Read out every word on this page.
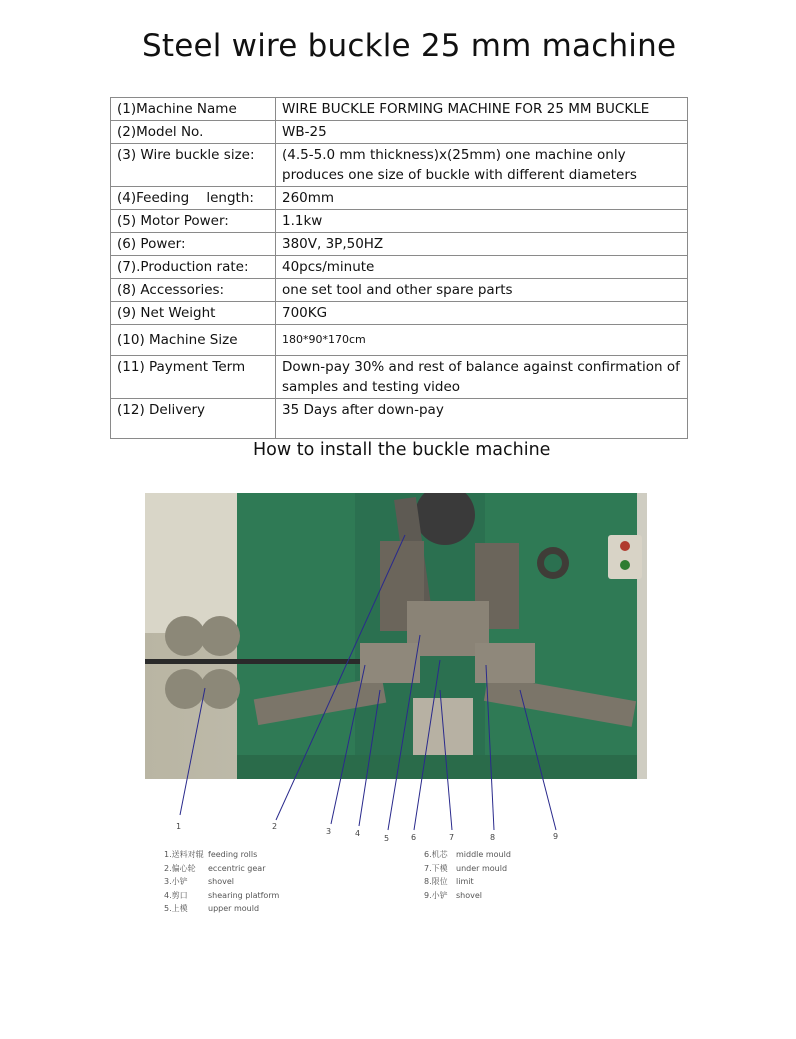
Steel wire buckle 25 mm machine
(1)Machine Name	WIRE BUCKLE FORMING MACHINE FOR 25 MM BUCKLE
(2)Model No.	WB-25
(3) Wire buckle size:	(4.5-5.0 mm thickness)x(25mm) one machine only produces one size of buckle with different diameters
(4)Feeding    length:	260mm
(5) Motor Power:	1.1kw
(6) Power:	380V, 3P,50HZ
(7).Production rate:	40pcs/minute
(8) Accessories:	one set tool and other spare parts
(9) Net Weight	700KG
(10) Machine Size	180*90*170cm
(11) Payment Term	Down-pay 30% and rest of balance against confirmation of samples and testing video
(12) Delivery	35 Days after down-pay
How to install the buckle machine
1	2
3	4
5	6	7	8	9
1.送料对辊 feeding rolls
2.偏心轮 eccentric gear
3.小铲	shovel
4.剪口	shearing platform
5.上模	upper mould
6.机芯 middle mould
7.下模 under mould
8.限位 limit
9.小铲 shovel
